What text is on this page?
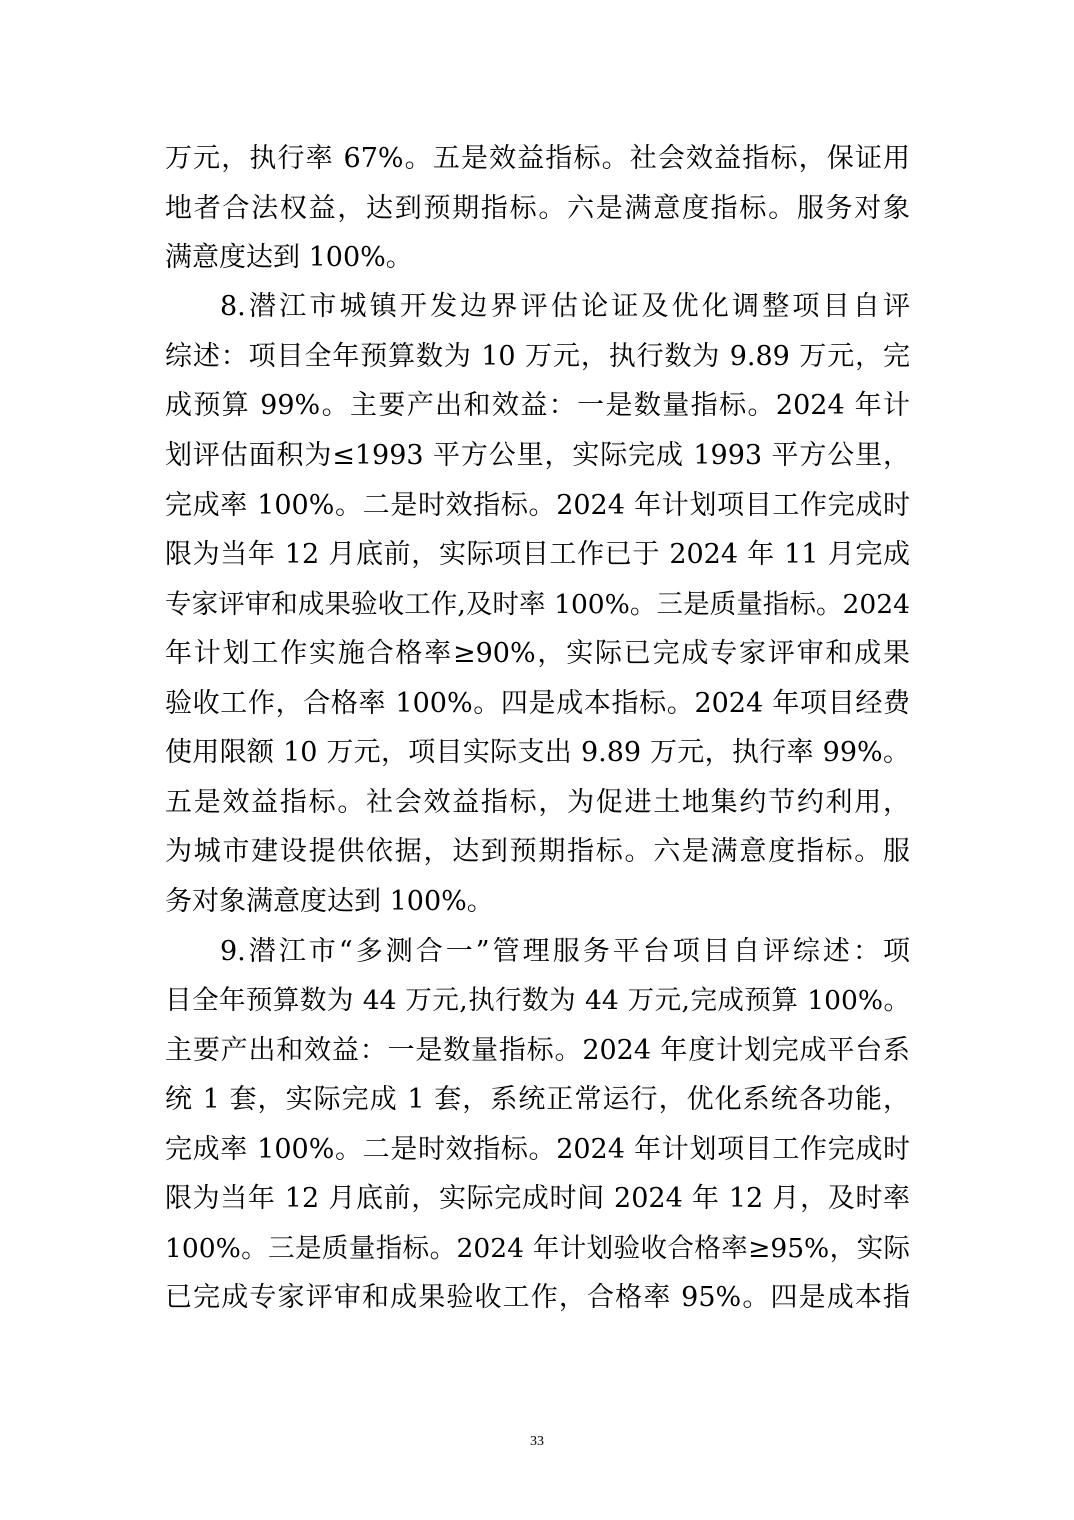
万元，执行率 67%。五是效益指标。社会效益指标，保证用
地者合法权益，达到预期指标。六是满意度指标。服务对象
满意度达到 100%。
8.潜江市城镇开发边界评估论证及优化调整项目自评
综述：项目全年预算数为 10 万元，执行数为 9.89 万元，完
成预算 99%。主要产出和效益：一是数量指标。2024 年计
划评估面积为≤1993 平方公里，实际完成 1993 平方公里，
完成率 100%。二是时效指标。2024 年计划项目工作完成时
限为当年 12 月底前，实际项目工作已于 2024 年 11 月完成
专家评审和成果验收工作,及时率 100%。三是质量指标。2024
年计划工作实施合格率≥90%，实际已完成专家评审和成果
验收工作，合格率 100%。四是成本指标。2024 年项目经费
使用限额 10 万元，项目实际支出 9.89 万元，执行率 99%。
五是效益指标。社会效益指标，为促进土地集约节约利用，
为城市建设提供依据，达到预期指标。六是满意度指标。服
务对象满意度达到 100%。
9.潜江市“多测合一”管理服务平台项目自评综述：项
目全年预算数为 44 万元,执行数为 44 万元,完成预算 100%。
主要产出和效益：一是数量指标。2024 年度计划完成平台系
统 1 套，实际完成 1 套，系统正常运行，优化系统各功能，
完成率 100%。二是时效指标。2024 年计划项目工作完成时
限为当年 12 月底前，实际完成时间 2024 年 12 月，及时率
100%。三是质量指标。2024 年计划验收合格率≥95%，实际
已完成专家评审和成果验收工作，合格率 95%。四是成本指
33
